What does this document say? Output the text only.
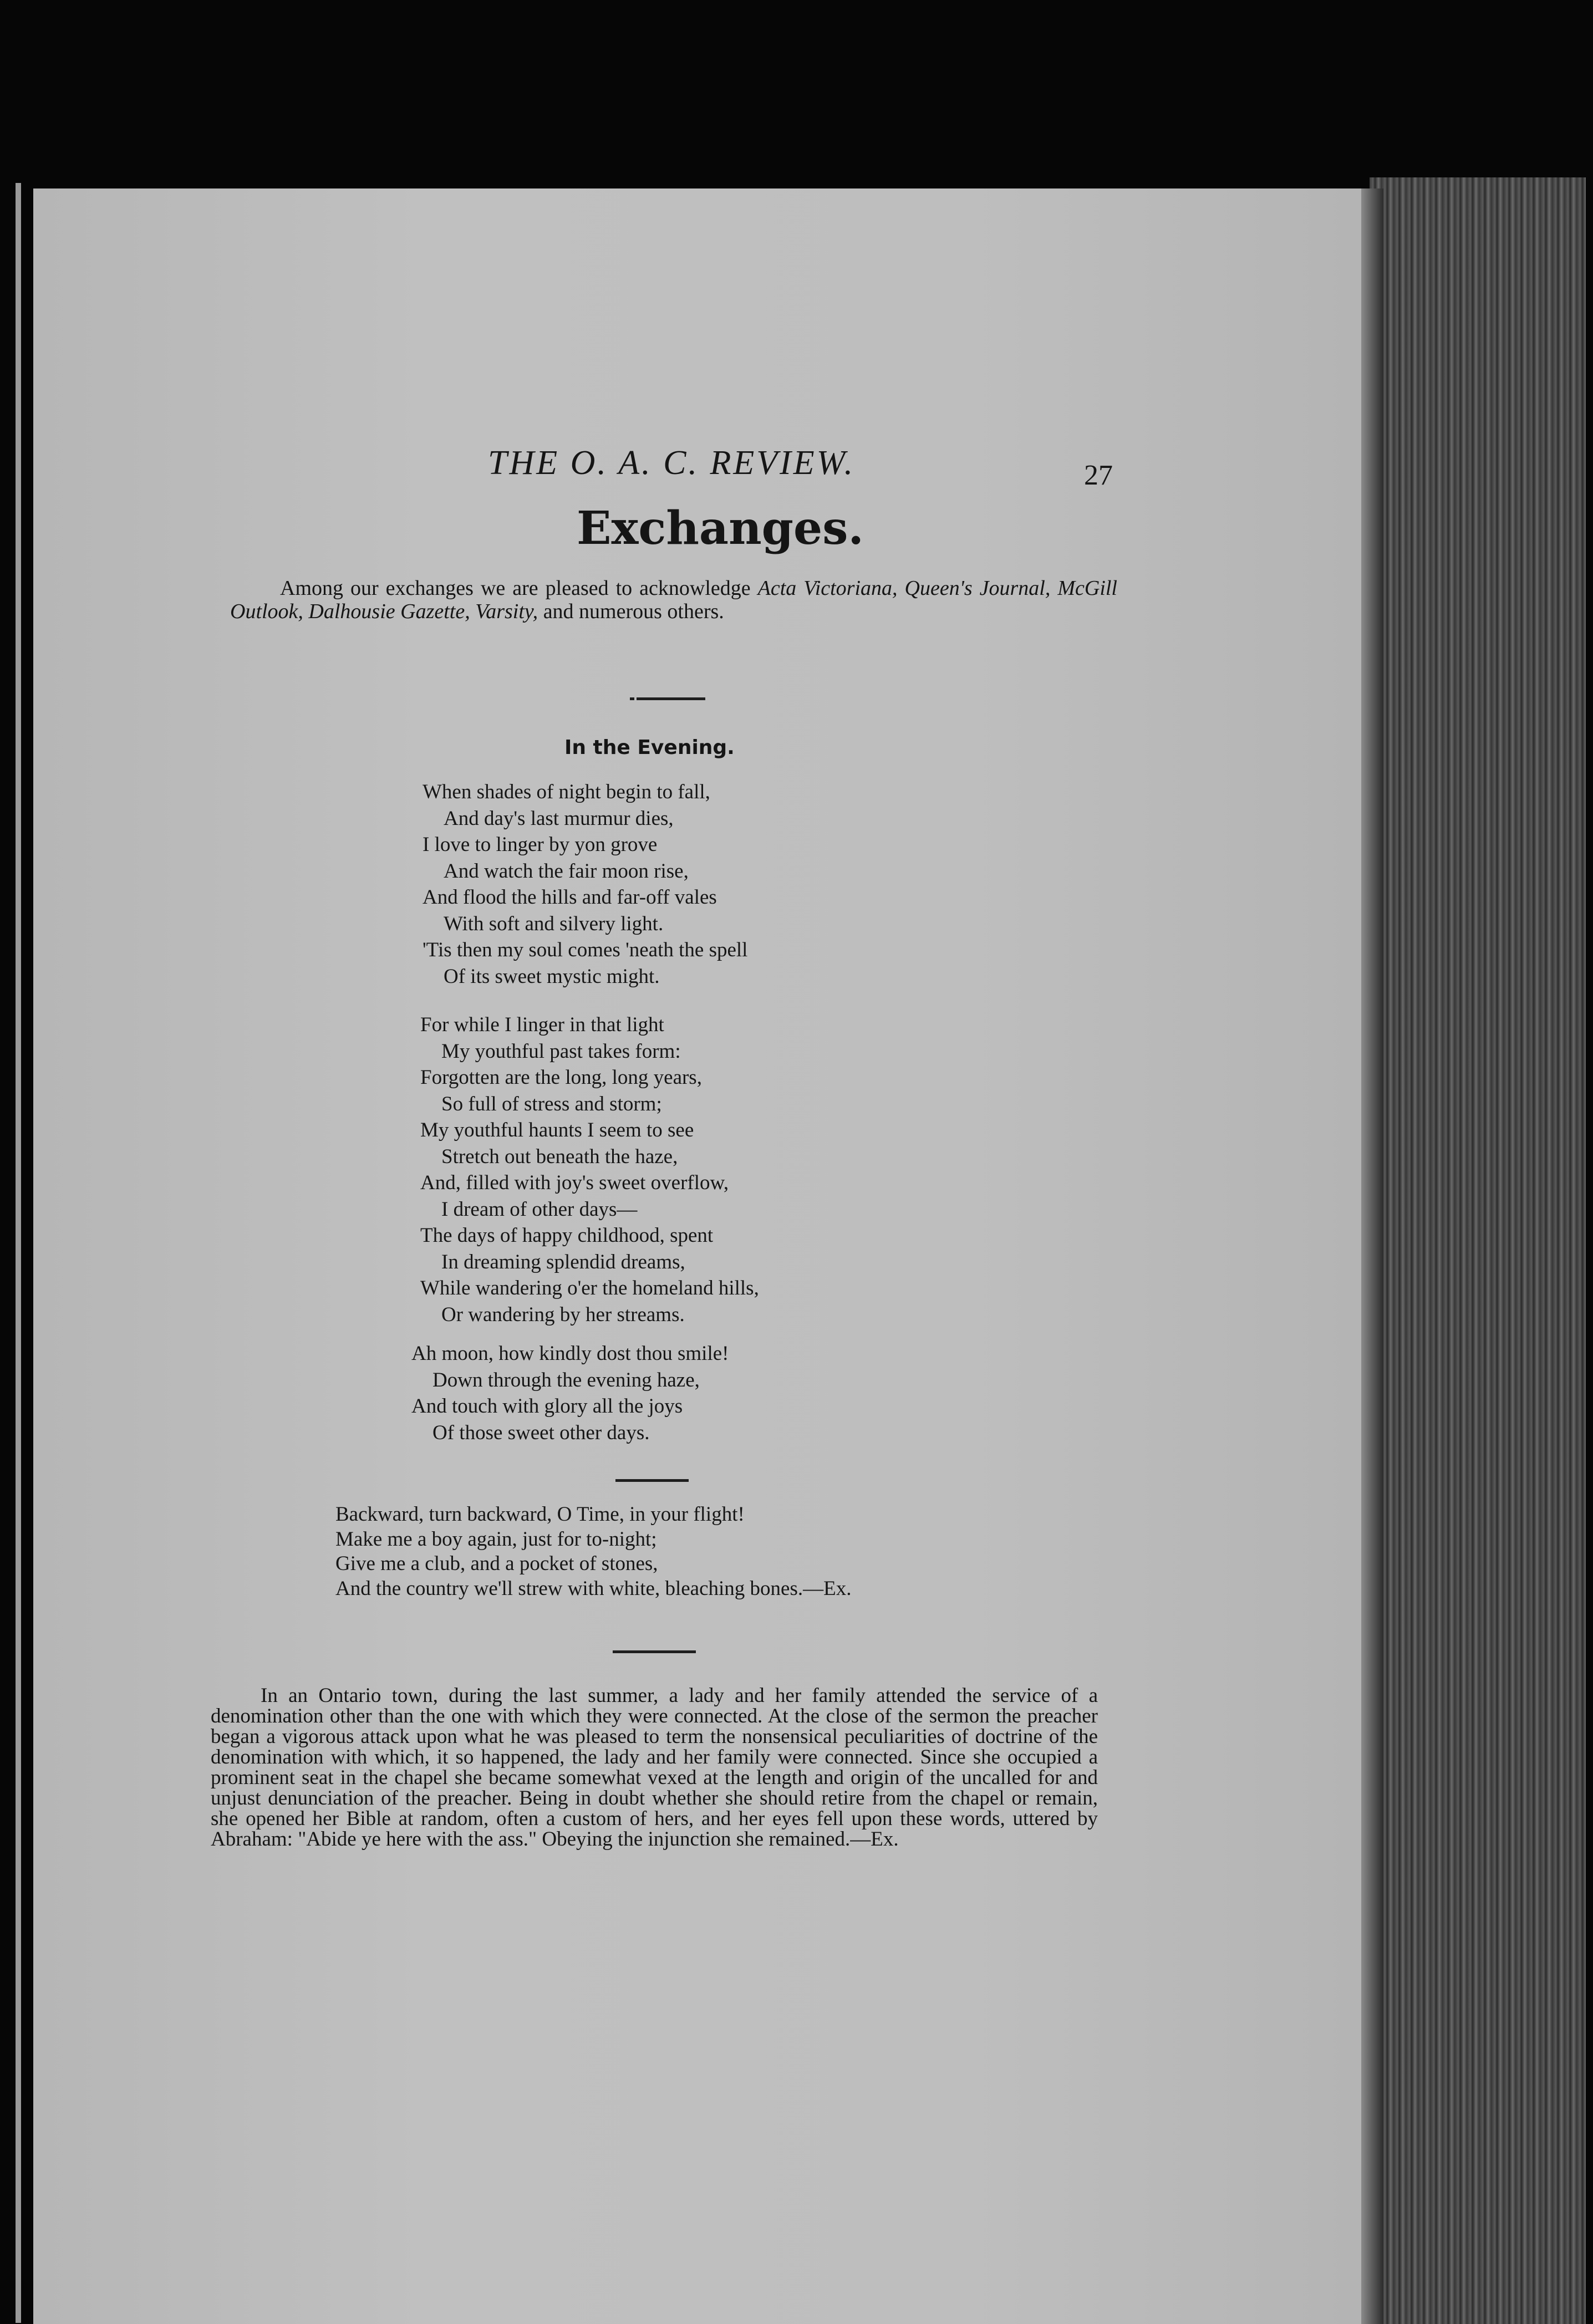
THE O. A. C. REVIEW.	27

Exchanges.

Among our exchanges we are pleased to acknowledge Acta Victoriana, Queen's Journal, McGill Outlook, Dalhousie Gazette, Varsity, and numerous others.

In the Evening.
When shades of night begin to fall,
And day's last murmur dies,
I love to linger by yon grove
And watch the fair moon rise,
And flood the hills and far-off vales
With soft and silvery light.
'Tis then my soul comes 'neath the spell
Of its sweet mystic might.
For while I linger in that light
My youthful past takes form:
Forgotten are the long, long years,
So full of stress and storm;
My youthful haunts I seem to see
Stretch out beneath the haze,
And, filled with joy's sweet overflow,
I dream of other days—
The days of happy childhood, spent
In dreaming splendid dreams,
While wandering o'er the homeland hills,
Or wandering by her streams.
Ah moon, how kindly dost thou smile!
Down through the evening haze,
And touch with glory all the joys
Of those sweet other days.
Backward, turn backward, O Time, in your flight!
Make me a boy again, just for to-night;
Give me a club, and a pocket of stones,
And the country we'll strew with white, bleaching bones.—Ex.

In an Ontario town, during the last summer, a lady and her family attended the service of a denomination other than the one with which they were connected. At the close of the sermon the preacher began a vigorous attack upon what he was pleased to term the nonsensical peculiarities of doctrine of the denomination with which, it so happened, the lady and her family were connected. Since she occupied a prominent seat in the chapel she became somewhat vexed at the length and origin of the uncalled for and unjust denunciation of the preacher. Being in doubt whether she should retire from the chapel or remain, she opened her Bible at random, often a custom of hers, and her eyes fell upon these words, uttered by Abraham: "Abide ye here with the ass." Obeying the injunction she remained.—Ex.
